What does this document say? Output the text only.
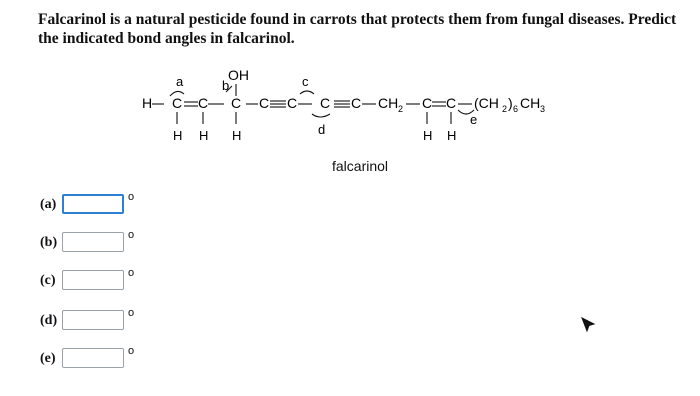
Falcarinol is a natural pesticide found in carrots that protects them from fungal diseases. Predict the indicated bond angles in falcarinol.
C
H	C C C C C C CH 2 C C (CH 2 ) 6 CH 3
OH
H H H	H H
a	b	c
d
e
falcarinol
(a)	o
(b)	o
(c)	o
(d)	o
(e)	o
